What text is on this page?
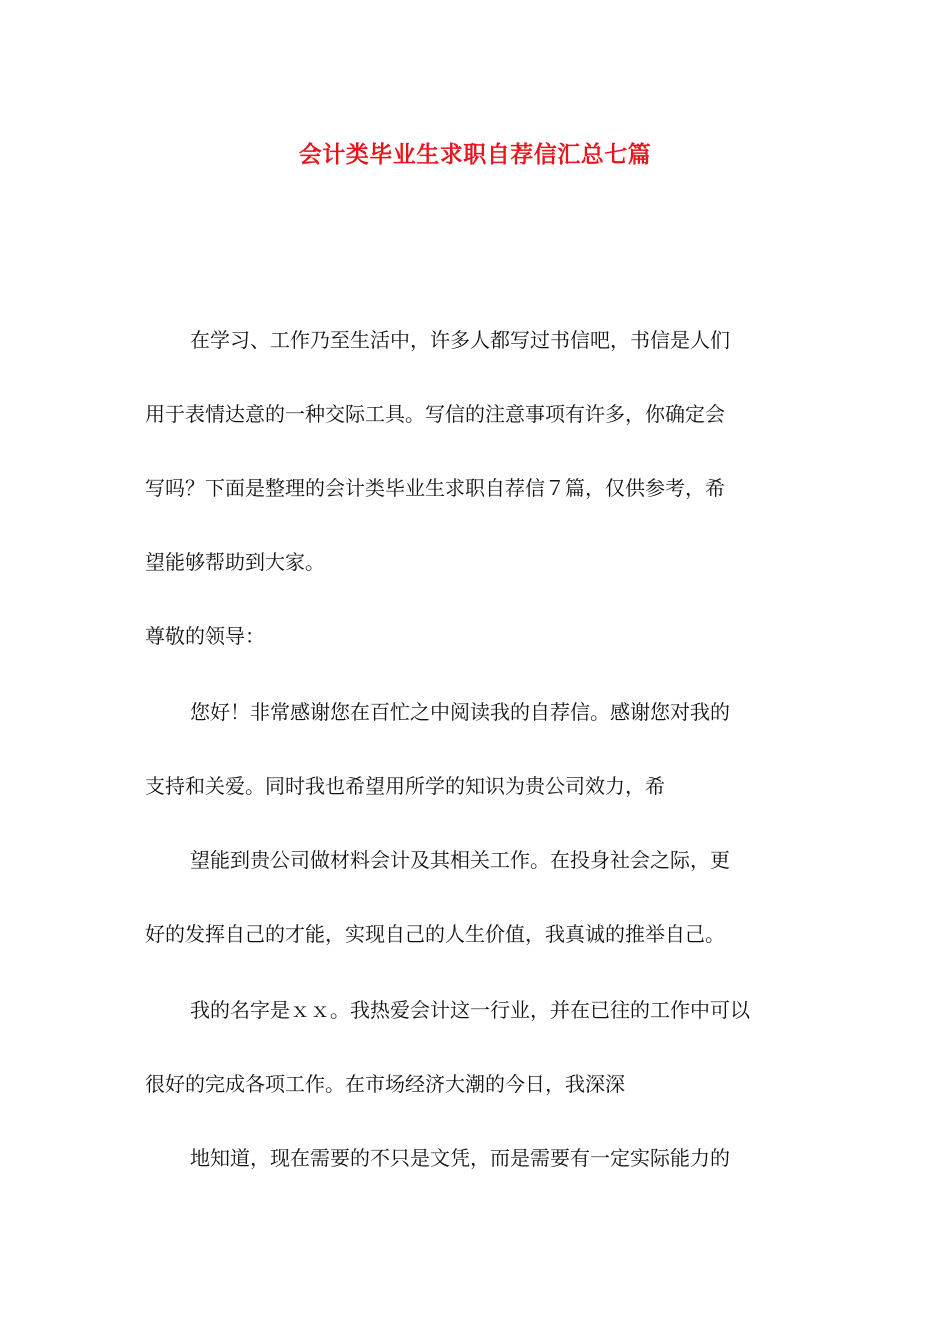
会计类毕业生求职自荐信汇总七篇
在学习、工作乃至生活中，许多人都写过书信吧，书信是人们
用于表情达意的一种交际工具。写信的注意事项有许多，你确定会
写吗？下面是整理的会计类毕业生求职自荐信７篇，仅供参考，希
望能够帮助到大家。
尊敬的领导：
您好！非常感谢您在百忙之中阅读我的自荐信。感谢您对我的
支持和关爱。同时我也希望用所学的知识为贵公司效力，希
望能到贵公司做材料会计及其相关工作。在投身社会之际，更
好的发挥自己的才能，实现自己的人生价值，我真诚的推举自己。
我的名字是ｘｘ。我热爱会计这一行业，并在已往的工作中可以
很好的完成各项工作。在市场经济大潮的今日，我深深
地知道，现在需要的不只是文凭，而是需要有一定实际能力的
